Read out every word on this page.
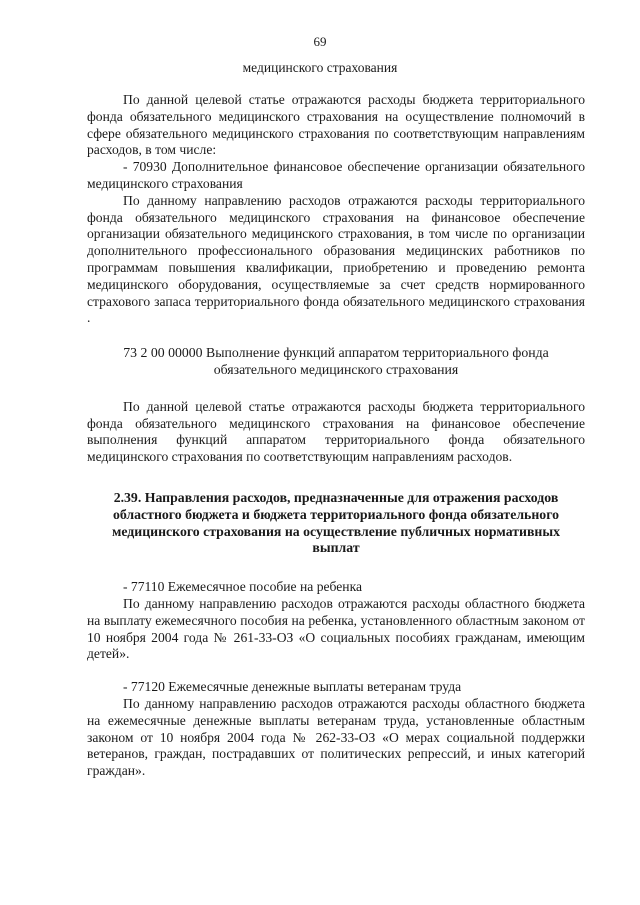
69
медицинского страхования

По данной целевой статье отражаются расходы бюджета территориального фонда обязательного медицинского страхования на осуществление полномочий в сфере обязательного медицинского страхования по соответствующим направлениям расходов, в том числе:

- 70930 Дополнительное финансовое обеспечение организации обязательного медицинского страхования

По данному направлению расходов отражаются расходы территориального фонда обязательного медицинского страхования на финансовое обеспечение организации обязательного медицинского страхования, в том числе по организации дополнительного профессионального образования медицинских работников по программам повышения квалификации, приобретению и проведению ремонта медицинского оборудования, осуществляемые за счет средств нормированного страхового запаса территориального фонда обязательного медицинского страхования .

73 2 00 00000 Выполнение функций аппаратом территориального фонда обязательного медицинского страхования

По данной целевой статье отражаются расходы бюджета территориального фонда обязательного медицинского страхования на финансовое обеспечение выполнения функций аппаратом территориального фонда обязательного медицинского страхования по соответствующим направлениям расходов.

2.39. Направления расходов, предназначенные для отражения расходов областного бюджета и бюджета территориального фонда обязательного медицинского страхования на осуществление публичных нормативных выплат

- 77110 Ежемесячное пособие на ребенка

По данному направлению расходов отражаются расходы областного бюджета на выплату ежемесячного пособия на ребенка, установленного областным законом от 10 ноября 2004 года № 261-33-ОЗ «О социальных пособиях гражданам, имеющим детей».

- 77120 Ежемесячные денежные выплаты ветеранам труда

По данному направлению расходов отражаются расходы областного бюджета на ежемесячные денежные выплаты ветеранам труда, установленные областным законом от 10 ноября 2004 года № 262-33-ОЗ «О мерах социальной поддержки ветеранов, граждан, пострадавших от политических репрессий, и иных категорий граждан».
